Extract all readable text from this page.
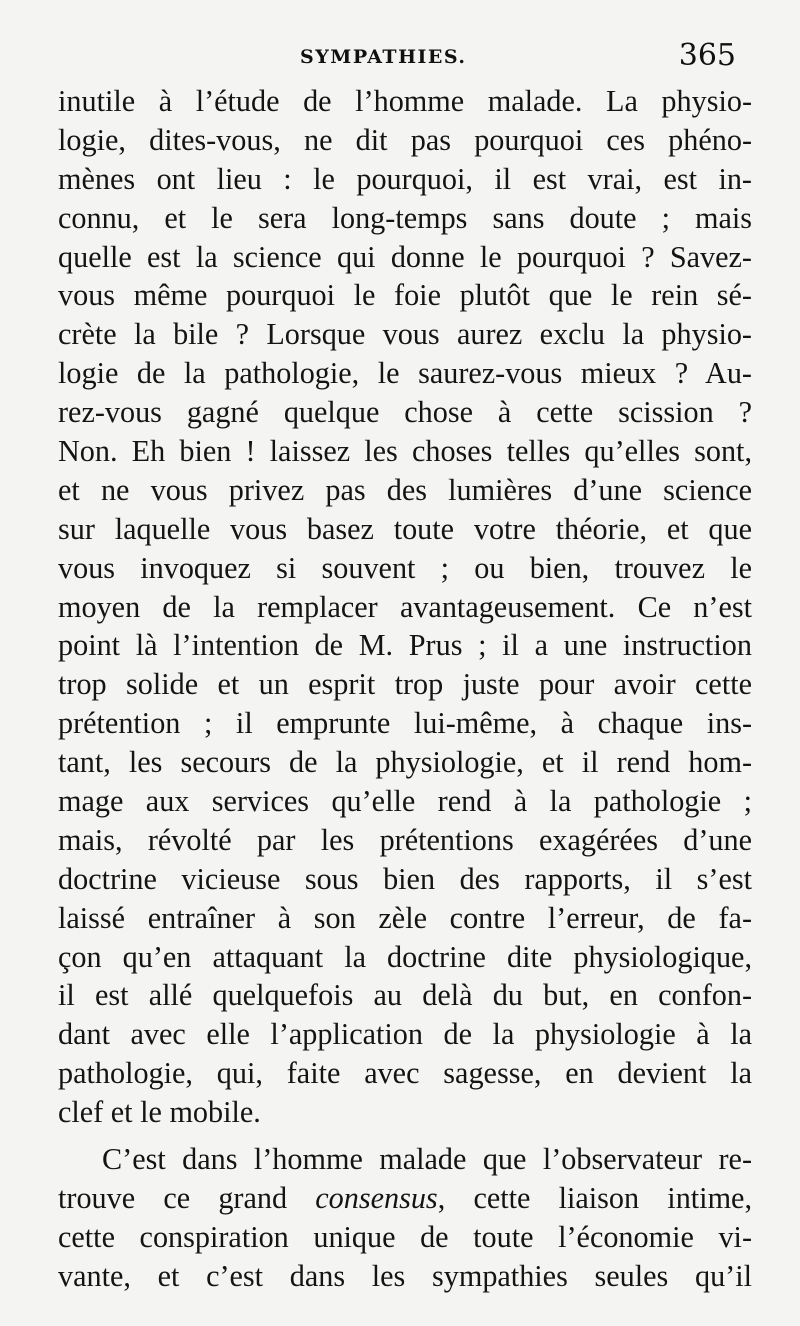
SYMPATHIES.	365
inutile à l’étude de l’homme malade. La physio-
logie, dites-vous, ne dit pas pourquoi ces phéno-
mènes ont lieu : le pourquoi, il est vrai, est in-
connu, et le sera long-temps sans doute ; mais
quelle est la science qui donne le pourquoi ? Savez-
vous même pourquoi le foie plutôt que le rein sé-
crète la bile ? Lorsque vous aurez exclu la physio-
logie de la pathologie, le saurez-vous mieux ? Au-
rez-vous gagné quelque chose à cette scission ?
Non. Eh bien ! laissez les choses telles qu’elles sont,
et ne vous privez pas des lumières d’une science
sur laquelle vous basez toute votre théorie, et que
vous invoquez si souvent ; ou bien, trouvez le
moyen de la remplacer avantageusement. Ce n’est
point là l’intention de M. Prus ; il a une instruction
trop solide et un esprit trop juste pour avoir cette
prétention ; il emprunte lui-même, à chaque ins-
tant, les secours de la physiologie, et il rend hom-
mage aux services qu’elle rend à la pathologie ;
mais, révolté par les prétentions exagérées d’une
doctrine vicieuse sous bien des rapports, il s’est
laissé entraîner à son zèle contre l’erreur, de fa-
çon qu’en attaquant la doctrine dite physiologique,
il est allé quelquefois au delà du but, en confon-
dant avec elle l’application de la physiologie à la
pathologie, qui, faite avec sagesse, en devient la
clef et le mobile.
C’est dans l’homme malade que l’observateur re-
trouve ce grand consensus, cette liaison intime,
cette conspiration unique de toute l’économie vi-
vante, et c’est dans les sympathies seules qu’il
